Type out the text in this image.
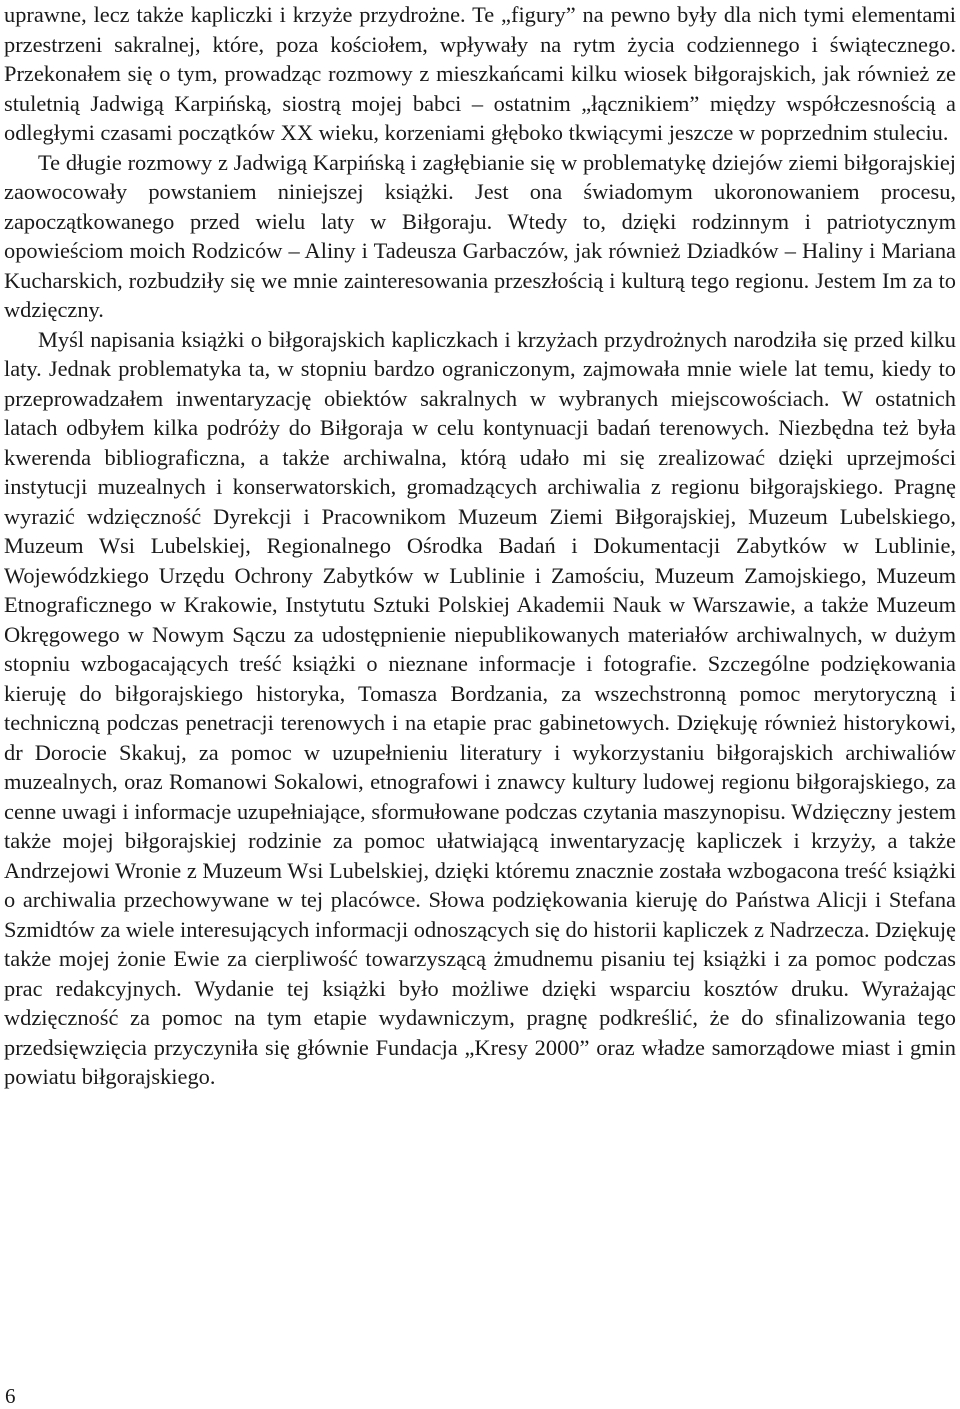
uprawne, lecz także kapliczki i krzyże przydrożne. Te „figury” na pewno były dla nich tymi elementami przestrzeni sakralnej, które, poza kościołem, wpływały na rytm życia codziennego i świątecznego. Przekonałem się o tym, prowadząc rozmowy z mieszkańcami kilku wiosek biłgorajskich, jak również ze stuletnią Jadwigą Karpińską, siostrą mojej babci – ostatnim „łącznikiem” między współczesnością a odległymi czasami początków XX wieku, korzeniami głęboko tkwiącymi jeszcze w poprzednim stuleciu.

Te długie rozmowy z Jadwigą Karpińską i zagłębianie się w problematykę dziejów ziemi biłgorajskiej zaowocowały powstaniem niniejszej książki. Jest ona świadomym ukoronowaniem procesu, zapoczątkowanego przed wielu laty w Biłgoraju. Wtedy to, dzięki rodzinnym i patriotycznym opowieściom moich Rodziców – Aliny i Tadeusza Garbaczów, jak również Dziadków – Haliny i Mariana Kucharskich, rozbudziły się we mnie zainteresowania przeszłością i kulturą tego regionu. Jestem Im za to wdzięczny.

Myśl napisania książki o biłgorajskich kapliczkach i krzyżach przydrożnych narodziła się przed kilku laty. Jednak problematyka ta, w stopniu bardzo ograniczonym, zajmowała mnie wiele lat temu, kiedy to przeprowadzałem inwentaryzację obiektów sakralnych w wybranych miejscowościach. W ostatnich latach odbyłem kilka podróży do Biłgoraja w celu kontynuacji badań terenowych. Niezbędna też była kwerenda bibliograficzna, a także archiwalna, którą udało mi się zrealizować dzięki uprzejmości instytucji muzealnych i konserwatorskich, gromadzących archiwalia z regionu biłgorajskiego. Pragnę wyrazić wdzięczność Dyrekcji i Pracownikom Muzeum Ziemi Biłgorajskiej, Muzeum Lubelskiego, Muzeum Wsi Lubelskiej, Regionalnego Ośrodka Badań i Dokumentacji Zabytków w Lublinie, Wojewódzkiego Urzędu Ochrony Zabytków w Lublinie i Zamościu, Muzeum Zamojskiego, Muzeum Etnograficznego w Krakowie, Instytutu Sztuki Polskiej Akademii Nauk w Warszawie, a także Muzeum Okręgowego w Nowym Sączu za udostępnienie niepublikowanych materiałów archiwalnych, w dużym stopniu wzbogacających treść książki o nieznane informacje i fotografie. Szczególne podziękowania kieruję do biłgorajskiego historyka, Tomasza Bordzania, za wszechstronną pomoc merytoryczną i techniczną podczas penetracji terenowych i na etapie prac gabinetowych. Dziękuję również historykowi, dr Dorocie Skakuj, za pomoc w uzupełnieniu literatury i wykorzystaniu biłgorajskich archiwaliów muzealnych, oraz Romanowi Sokalowi, etnografowi i znawcy kultury ludowej regionu biłgorajskiego, za cenne uwagi i informacje uzupełniające, sformułowane podczas czytania maszynopisu. Wdzięczny jestem także mojej biłgorajskiej rodzinie za pomoc ułatwiającą inwentaryzację kapliczek i krzyży, a także Andrzejowi Wronie z Muzeum Wsi Lubelskiej, dzięki któremu znacznie została wzbogacona treść książki o archiwalia przechowywane w tej placówce. Słowa podziękowania kieruję do Państwa Alicji i Stefana Szmidtów za wiele interesujących informacji odnoszących się do historii kapliczek z Nadrzecza. Dziękuję także mojej żonie Ewie za cierpliwość towarzyszącą żmudnemu pisaniu tej książki i za pomoc podczas prac redakcyjnych. Wydanie tej książki było możliwe dzięki wsparciu kosztów druku. Wyrażając wdzięczność za pomoc na tym etapie wydawniczym, pragnę podkreślić, że do sfinalizowania tego przedsięwzięcia przyczyniła się głównie Fundacja „Kresy 2000” oraz władze samorządowe miast i gmin powiatu biłgorajskiego.

6
